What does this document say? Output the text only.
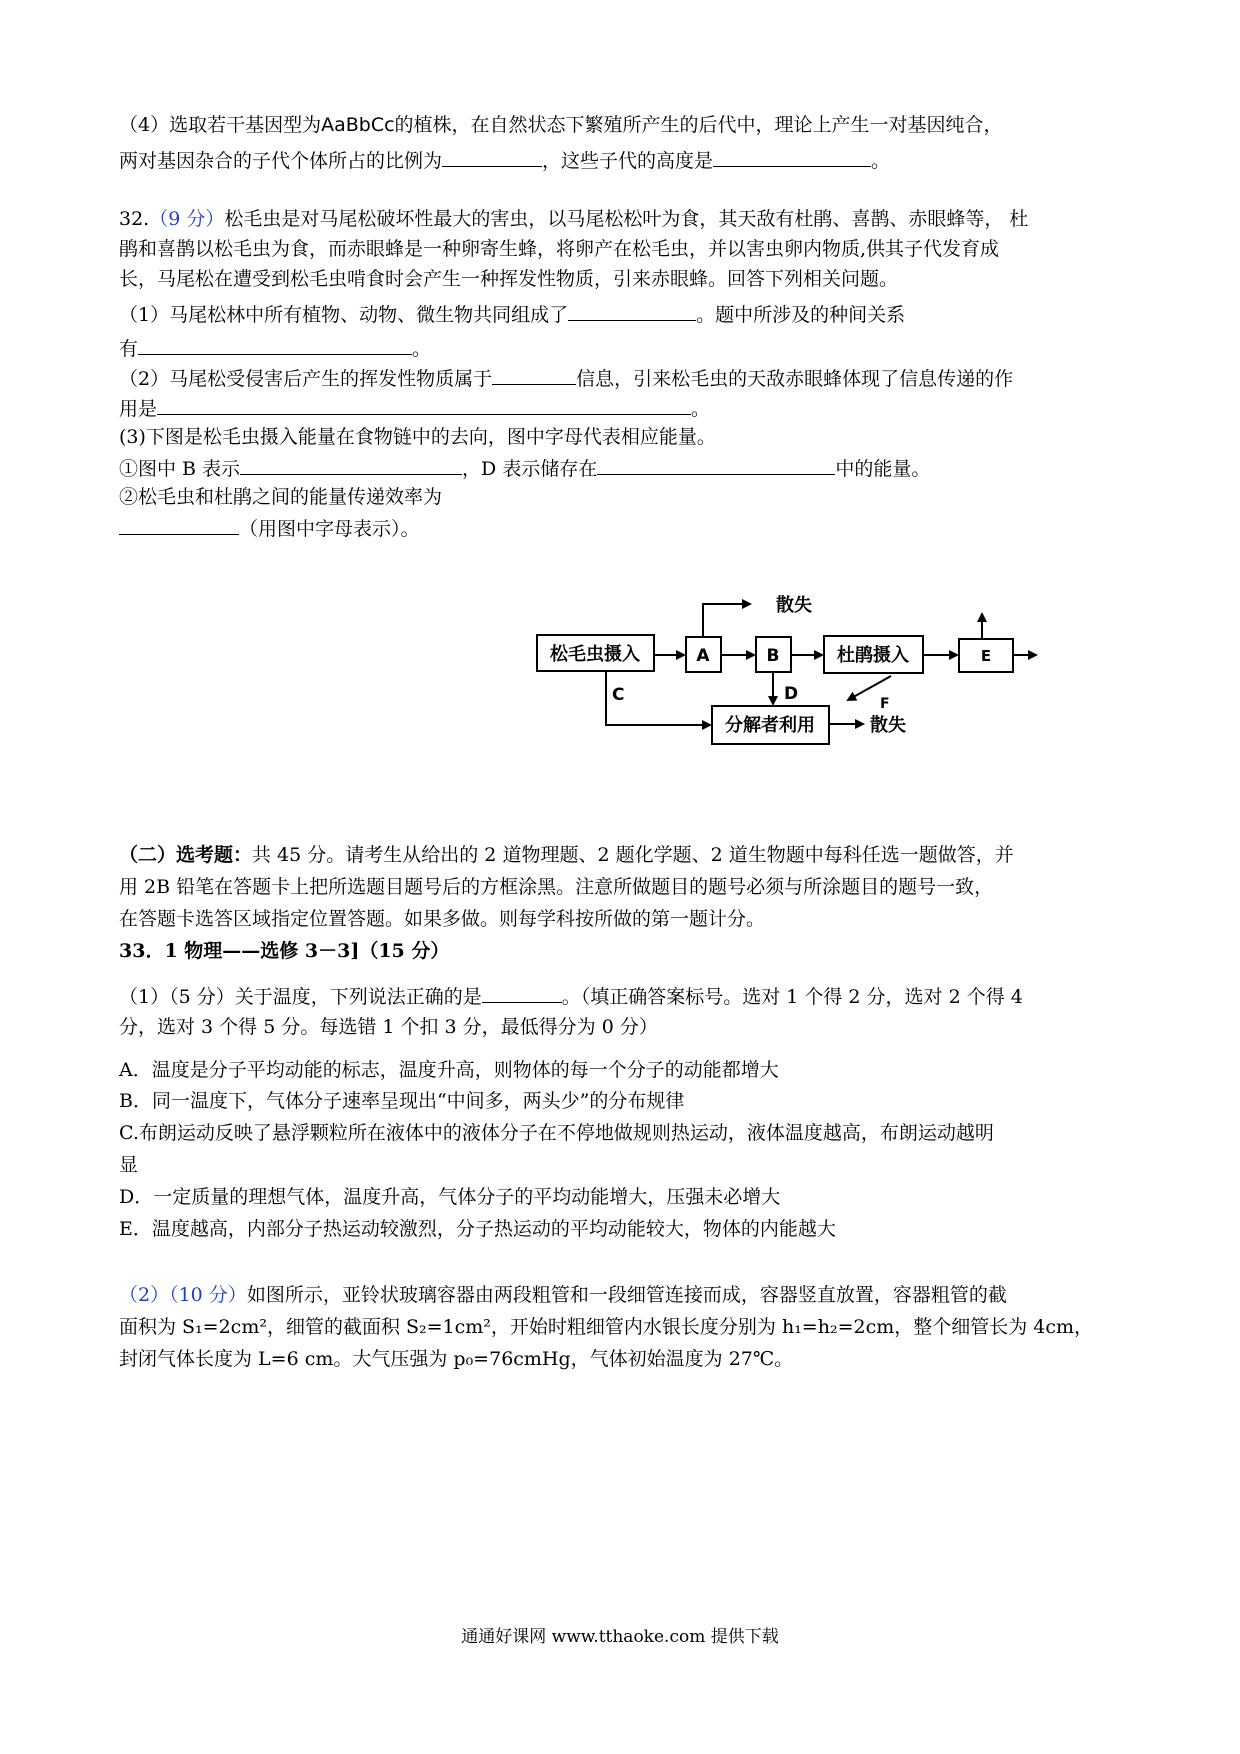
（4）选取若干基因型为AaBbCc的植株，在自然状态下繁殖所产生的后代中，理论上产生一对基因纯合，
两对基因杂合的子代个体所占的比例为	，这些子代的高度是	。
32.（9 分）松毛虫是对马尾松破坏性最大的害虫，以马尾松松叶为食，其天敌有杜鹃、喜鹊、赤眼蜂等， 杜
鹃和喜鹊以松毛虫为食，而赤眼蜂是一种卵寄生蜂，将卵产在松毛虫，并以害虫卵内物质,供其子代发育成
长，马尾松在遭受到松毛虫啃食时会产生一种挥发性物质，引来赤眼蜂。回答下列相关问题。
（1）马尾松林中所有植物、动物、微生物共同组成了	。题中所涉及的种间关系
有	。
（2）马尾松受侵害后产生的挥发性物质属于	信息，引来松毛虫的天敌赤眼蜂体现了信息传递的作
用是	。
(3)下图是松毛虫摄入能量在食物链中的去向，图中字母代表相应能量。
①图中 B 表示	，D 表示储存在	中的能量。
②松毛虫和杜鹃之间的能量传递效率为
（用图中字母表示）。
松毛虫摄入	A	B	杜鹃摄入	E
分解者利用
散失
散失
C	D	F
（二）选考题：共 45 分。请考生从给出的 2 道物理题、2 题化学题、2 道生物题中每科任选一题做答，并
用 2B 铅笔在答题卡上把所选题目题号后的方框涂黑。注意所做题目的题号必须与所涂题目的题号一致，
在答题卡选答区域指定位置答题。如果多做。则每学科按所做的第一题计分。
33．1 物理——选修 3－3]（15 分）
（1）（5 分）关于温度，下列说法正确的是	。（填正确答案标号。选对 1 个得 2 分，选对 2 个得 4
分，选对 3 个得 5 分。每选错 1 个扣 3 分，最低得分为 0 分）
A．温度是分子平均动能的标志，温度升高，则物体的每一个分子的动能都增大
B．同一温度下，气体分子速率呈现出“中间多，两头少”的分布规律
C.布朗运动反映了悬浮颗粒所在液体中的液体分子在不停地做规则热运动，液体温度越高，布朗运动越明
显
D．一定质量的理想气体，温度升高，气体分子的平均动能增大，压强未必增大
E．温度越高，内部分子热运动较激烈，分子热运动的平均动能较大，物体的内能越大
（2）（10 分）如图所示，亚铃状玻璃容器由两段粗管和一段细管连接而成，容器竖直放置，容器粗管的截
面积为 S₁=2cm²，细管的截面积 S₂=1cm²，开始时粗细管内水银长度分别为 h₁=h₂=2cm，整个细管长为 4cm，
封闭气体长度为 L=6 cm。大气压强为 p₀=76cmHg，气体初始温度为 27℃。
通通好课网 www.tthaoke.com 提供下载
